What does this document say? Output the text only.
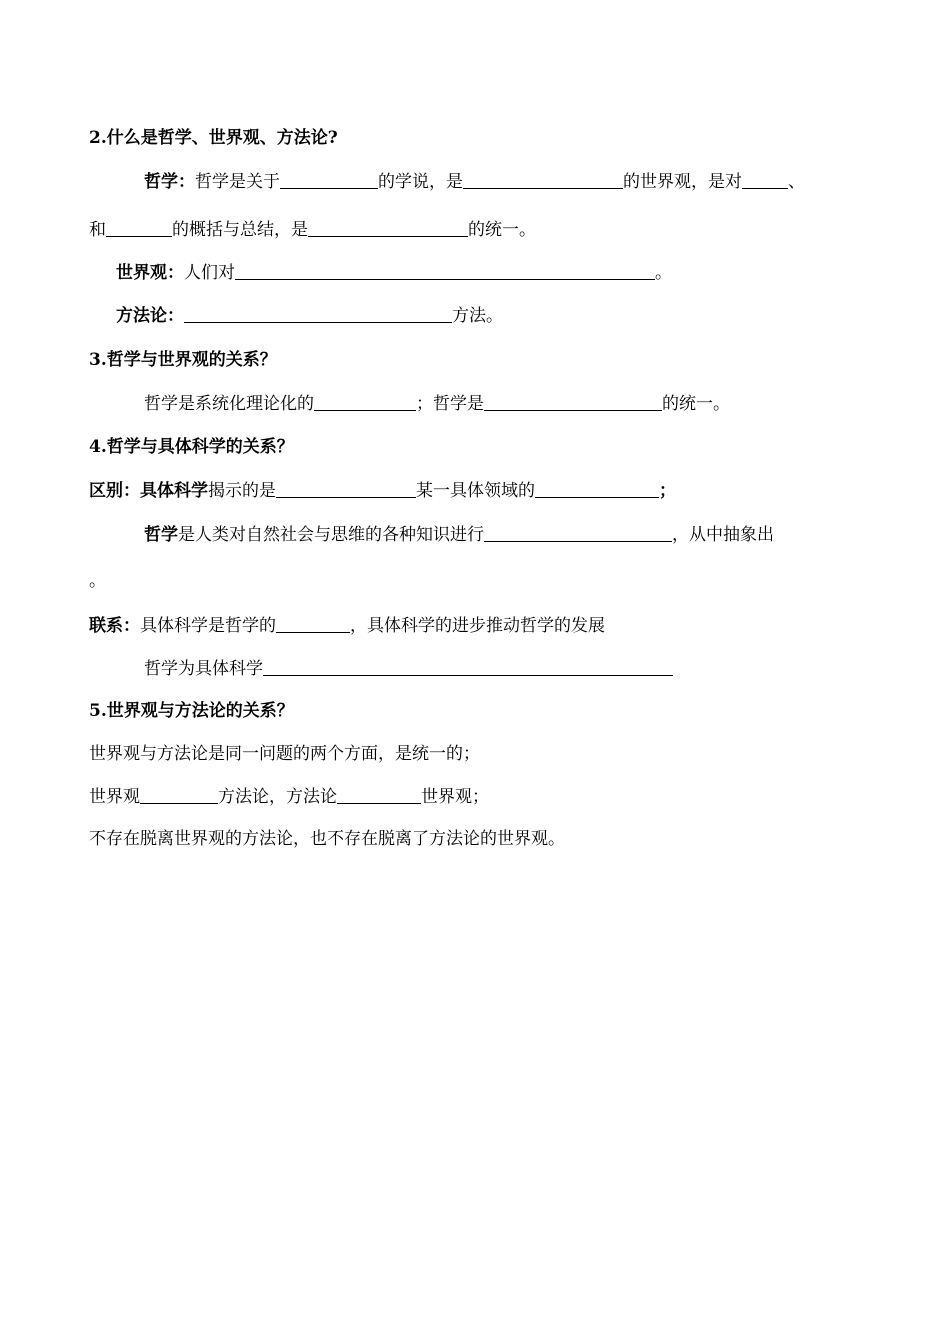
2.什么是哲学、世界观、方法论?
哲学：哲学是关于	的学说，是	的世界观，是对	、
和	的概括与总结，是	的统一。
世界观：人们对	。
方法论：	方法。
3.哲学与世界观的关系？
哲学是系统化理论化的	；哲学是	的统一。
4.哲学与具体科学的关系？
区别：具体科学揭示的是	某一具体领域的	；
哲学是人类对自然社会与思维的各种知识进行	，从中抽象出
。
联系：具体科学是哲学的	，具体科学的进步推动哲学的发展
哲学为具体科学
5.世界观与方法论的关系？
世界观与方法论是同一问题的两个方面，是统一的；
世界观	方法论，方法论	世界观；
不存在脱离世界观的方法论，也不存在脱离了方法论的世界观。
